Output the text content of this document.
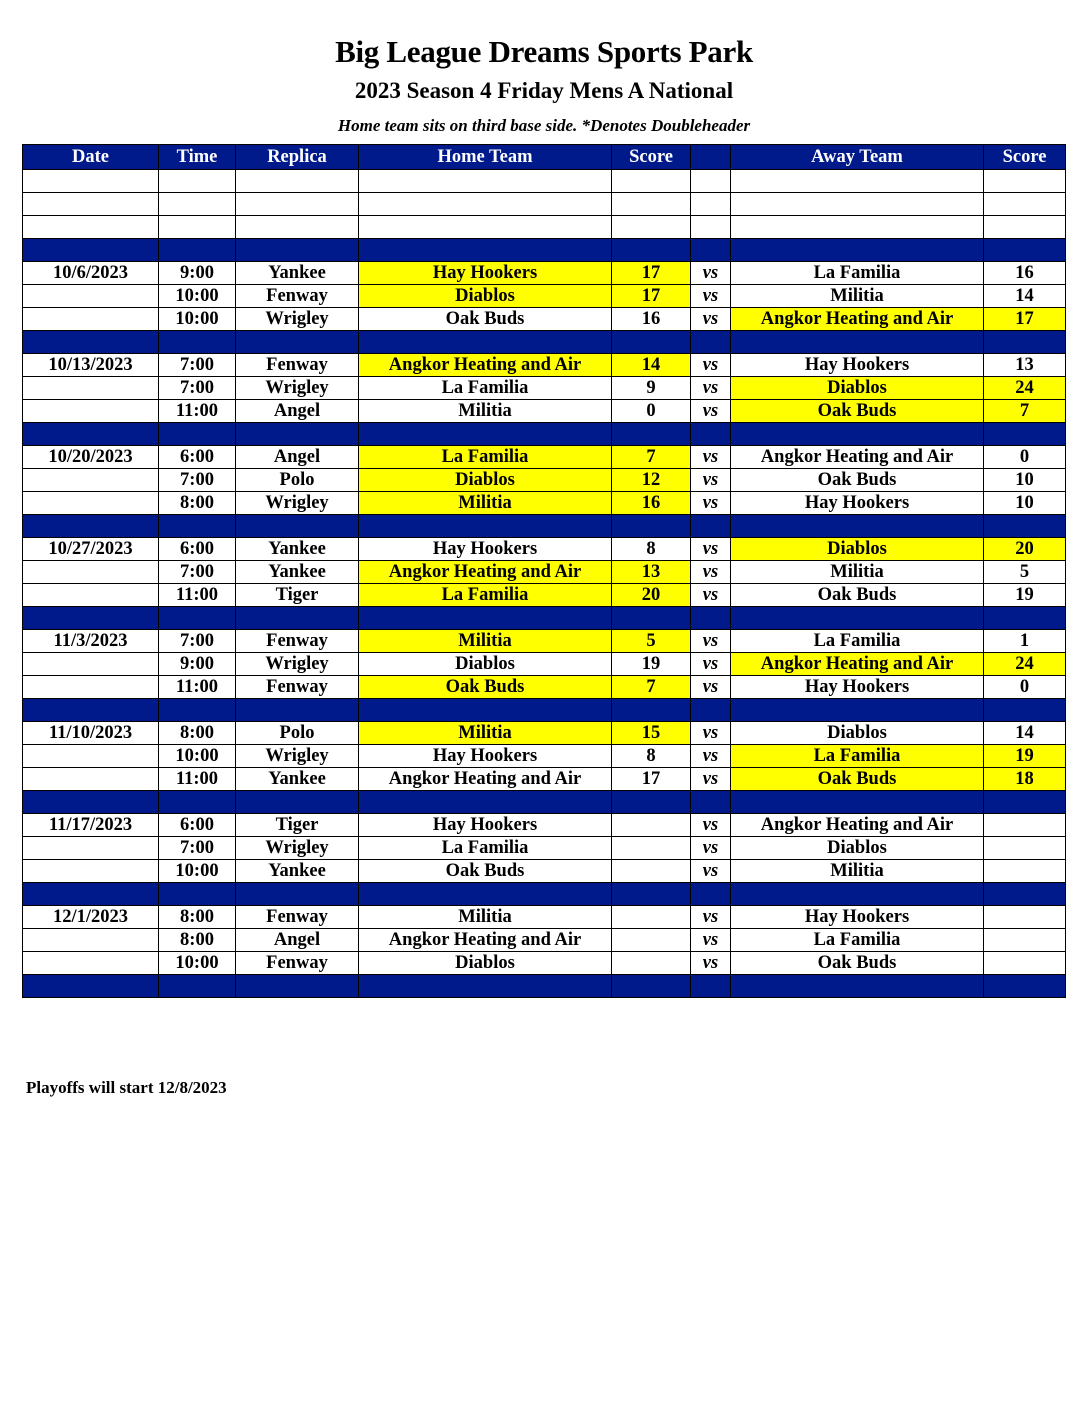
Big League Dreams Sports Park
2023 Season 4 Friday Mens A National
Home team sits on third base side. *Denotes Doubleheader
Date	Time	Replica	Home Team	Score		Away Team	Score

10/6/2023	9:00	Yankee	Hay Hookers	17	vs	La Familia	16
	10:00	Fenway	Diablos	17	vs	Militia	14
	10:00	Wrigley	Oak Buds	16	vs	Angkor Heating and Air	17

10/13/2023	7:00	Fenway	Angkor Heating and Air	14	vs	Hay Hookers	13
	7:00	Wrigley	La Familia	9	vs	Diablos	24
	11:00	Angel	Militia	0	vs	Oak Buds	7

10/20/2023	6:00	Angel	La Familia	7	vs	Angkor Heating and Air	0
	7:00	Polo	Diablos	12	vs	Oak Buds	10
	8:00	Wrigley	Militia	16	vs	Hay Hookers	10

10/27/2023	6:00	Yankee	Hay Hookers	8	vs	Diablos	20
	7:00	Yankee	Angkor Heating and Air	13	vs	Militia	5
	11:00	Tiger	La Familia	20	vs	Oak Buds	19

11/3/2023	7:00	Fenway	Militia	5	vs	La Familia	1
	9:00	Wrigley	Diablos	19	vs	Angkor Heating and Air	24
	11:00	Fenway	Oak Buds	7	vs	Hay Hookers	0

11/10/2023	8:00	Polo	Militia	15	vs	Diablos	14
	10:00	Wrigley	Hay Hookers	8	vs	La Familia	19
	11:00	Yankee	Angkor Heating and Air	17	vs	Oak Buds	18

11/17/2023	6:00	Tiger	Hay Hookers		vs	Angkor Heating and Air	
	7:00	Wrigley	La Familia		vs	Diablos	
	10:00	Yankee	Oak Buds		vs	Militia	

12/1/2023	8:00	Fenway	Militia		vs	Hay Hookers	
	8:00	Angel	Angkor Heating and Air		vs	La Familia	
	10:00	Fenway	Diablos		vs	Oak Buds	

Playoffs will start 12/8/2023
